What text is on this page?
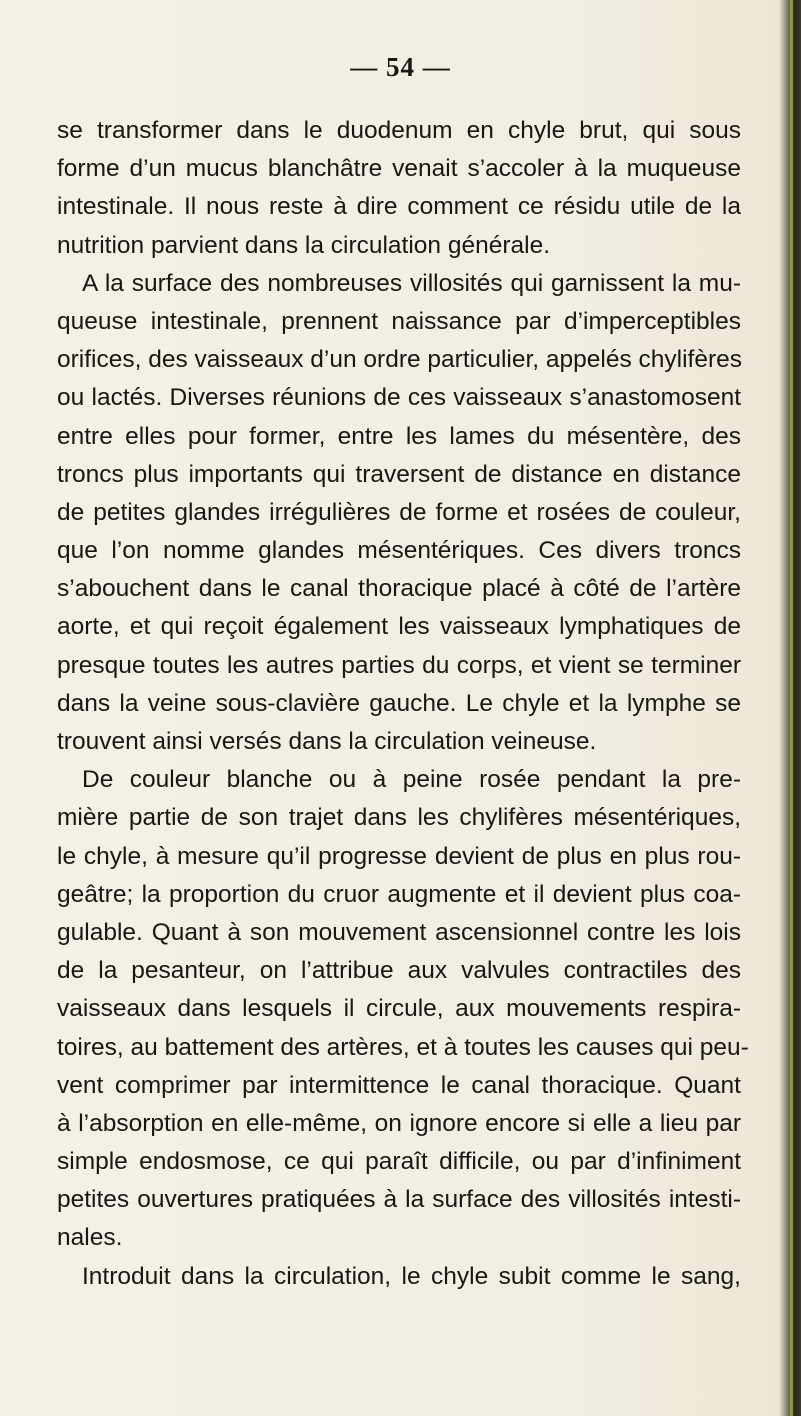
— 54 —
se transformer dans le duodenum en chyle brut, qui sous
forme d’un mucus blanchâtre venait s’accoler à la muqueuse
intestinale. Il nous reste à dire comment ce résidu utile de la
nutrition parvient dans la circulation générale.
A la surface des nombreuses villosités qui garnissent la mu-
queuse intestinale, prennent naissance par d’imperceptibles
orifices, des vaisseaux d’un ordre particulier, appelés chylifères
ou lactés. Diverses réunions de ces vaisseaux s’anastomosent
entre elles pour former, entre les lames du mésentère, des
troncs plus importants qui traversent de distance en distance
de petites glandes irrégulières de forme et rosées de couleur,
que l’on nomme glandes mésentériques. Ces divers troncs
s’abouchent dans le canal thoracique placé à côté de l’artère
aorte, et qui reçoit également les vaisseaux lymphatiques de
presque toutes les autres parties du corps, et vient se terminer
dans la veine sous-clavière gauche. Le chyle et la lymphe se
trouvent ainsi versés dans la circulation veineuse.
De couleur blanche ou à peine rosée pendant la pre-
mière partie de son trajet dans les chylifères mésentériques,
le chyle, à mesure qu’il progresse devient de plus en plus rou-
geâtre; la proportion du cruor augmente et il devient plus coa-
gulable. Quant à son mouvement ascensionnel contre les lois
de la pesanteur, on l’attribue aux valvules contractiles des
vaisseaux dans lesquels il circule, aux mouvements respira-
toires, au battement des artères, et à toutes les causes qui peu-
vent comprimer par intermittence le canal thoracique. Quant
à l’absorption en elle-même, on ignore encore si elle a lieu par
simple endosmose, ce qui paraît difficile, ou par d’infiniment
petites ouvertures pratiquées à la surface des villosités intesti-
nales.
Introduit dans la circulation, le chyle subit comme le sang,
